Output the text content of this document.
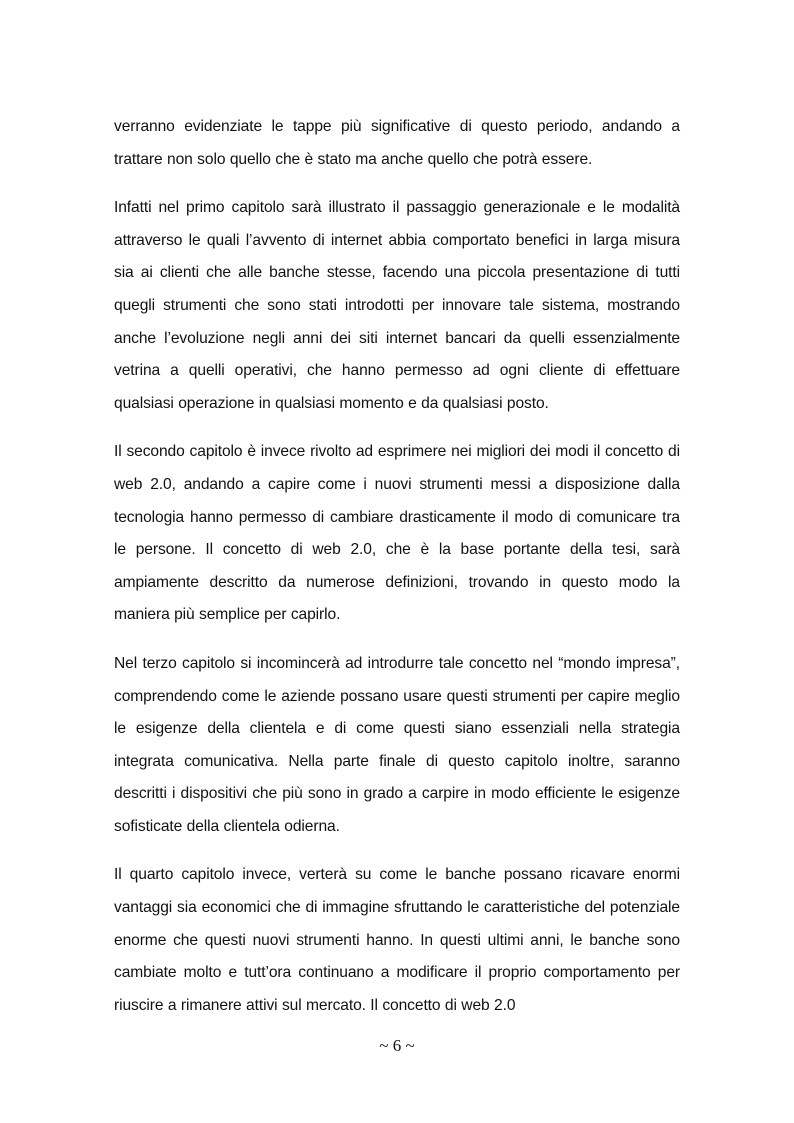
verranno evidenziate le tappe più significative di questo periodo, andando a trattare non solo quello che è stato ma anche quello che potrà essere.

Infatti nel primo capitolo sarà illustrato il passaggio generazionale e le modalità attraverso le quali l’avvento di internet abbia comportato benefici in larga misura sia ai clienti che alle banche stesse, facendo una piccola presentazione di tutti quegli strumenti che sono stati introdotti per innovare tale sistema, mostrando anche l’evoluzione negli anni dei siti internet bancari da quelli essenzialmente vetrina a quelli operativi, che hanno permesso ad ogni cliente di effettuare qualsiasi operazione in qualsiasi momento e da qualsiasi posto.

Il secondo capitolo è invece rivolto ad esprimere nei migliori dei modi il concetto di web 2.0, andando a capire come i nuovi strumenti messi a disposizione dalla tecnologia hanno permesso di cambiare drasticamente il modo di comunicare tra le persone. Il concetto di web 2.0, che è la base portante della tesi, sarà ampiamente descritto da numerose definizioni, trovando in questo modo la maniera più semplice per capirlo.

Nel terzo capitolo si incomincerà ad introdurre tale concetto nel “mondo impresa”, comprendendo come le aziende possano usare questi strumenti per capire meglio le esigenze della clientela e di come questi siano essenziali nella strategia integrata comunicativa. Nella parte finale di questo capitolo inoltre, saranno descritti i dispositivi che più sono in grado a carpire in modo efficiente le esigenze sofisticate della clientela odierna.

Il quarto capitolo invece, verterà su come le banche possano ricavare enormi vantaggi sia economici che di immagine sfruttando le caratteristiche del potenziale enorme che questi nuovi strumenti hanno. In questi ultimi anni, le banche sono cambiate molto e tutt’ora continuano a modificare il proprio comportamento per riuscire a rimanere attivi sul mercato. Il concetto di web 2.0

~ 6 ~
